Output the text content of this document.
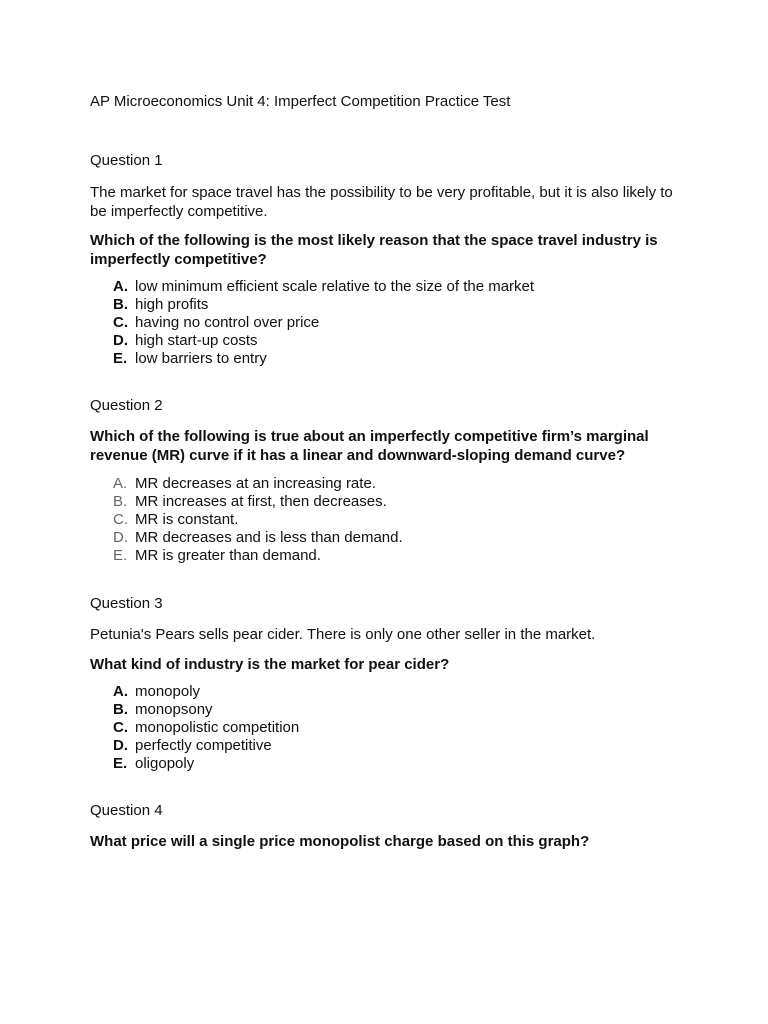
AP Microeconomics Unit 4: Imperfect Competition Practice Test
Question 1
The market for space travel has the possibility to be very profitable, but it is also likely to be imperfectly competitive.
Which of the following is the most likely reason that the space travel industry is imperfectly competitive?
A. low minimum efficient scale relative to the size of the market
B. high profits
C. having no control over price
D. high start-up costs
E. low barriers to entry
Question 2
Which of the following is true about an imperfectly competitive firm’s marginal revenue (MR) curve if it has a linear and downward-sloping demand curve?
A. MR decreases at an increasing rate.
B. MR increases at first, then decreases.
C. MR is constant.
D. MR decreases and is less than demand.
E. MR is greater than demand.
Question 3
Petunia's Pears sells pear cider. There is only one other seller in the market.
What kind of industry is the market for pear cider?
A. monopoly
B. monopsony
C. monopolistic competition
D. perfectly competitive
E. oligopoly
Question 4
What price will a single price monopolist charge based on this graph?
